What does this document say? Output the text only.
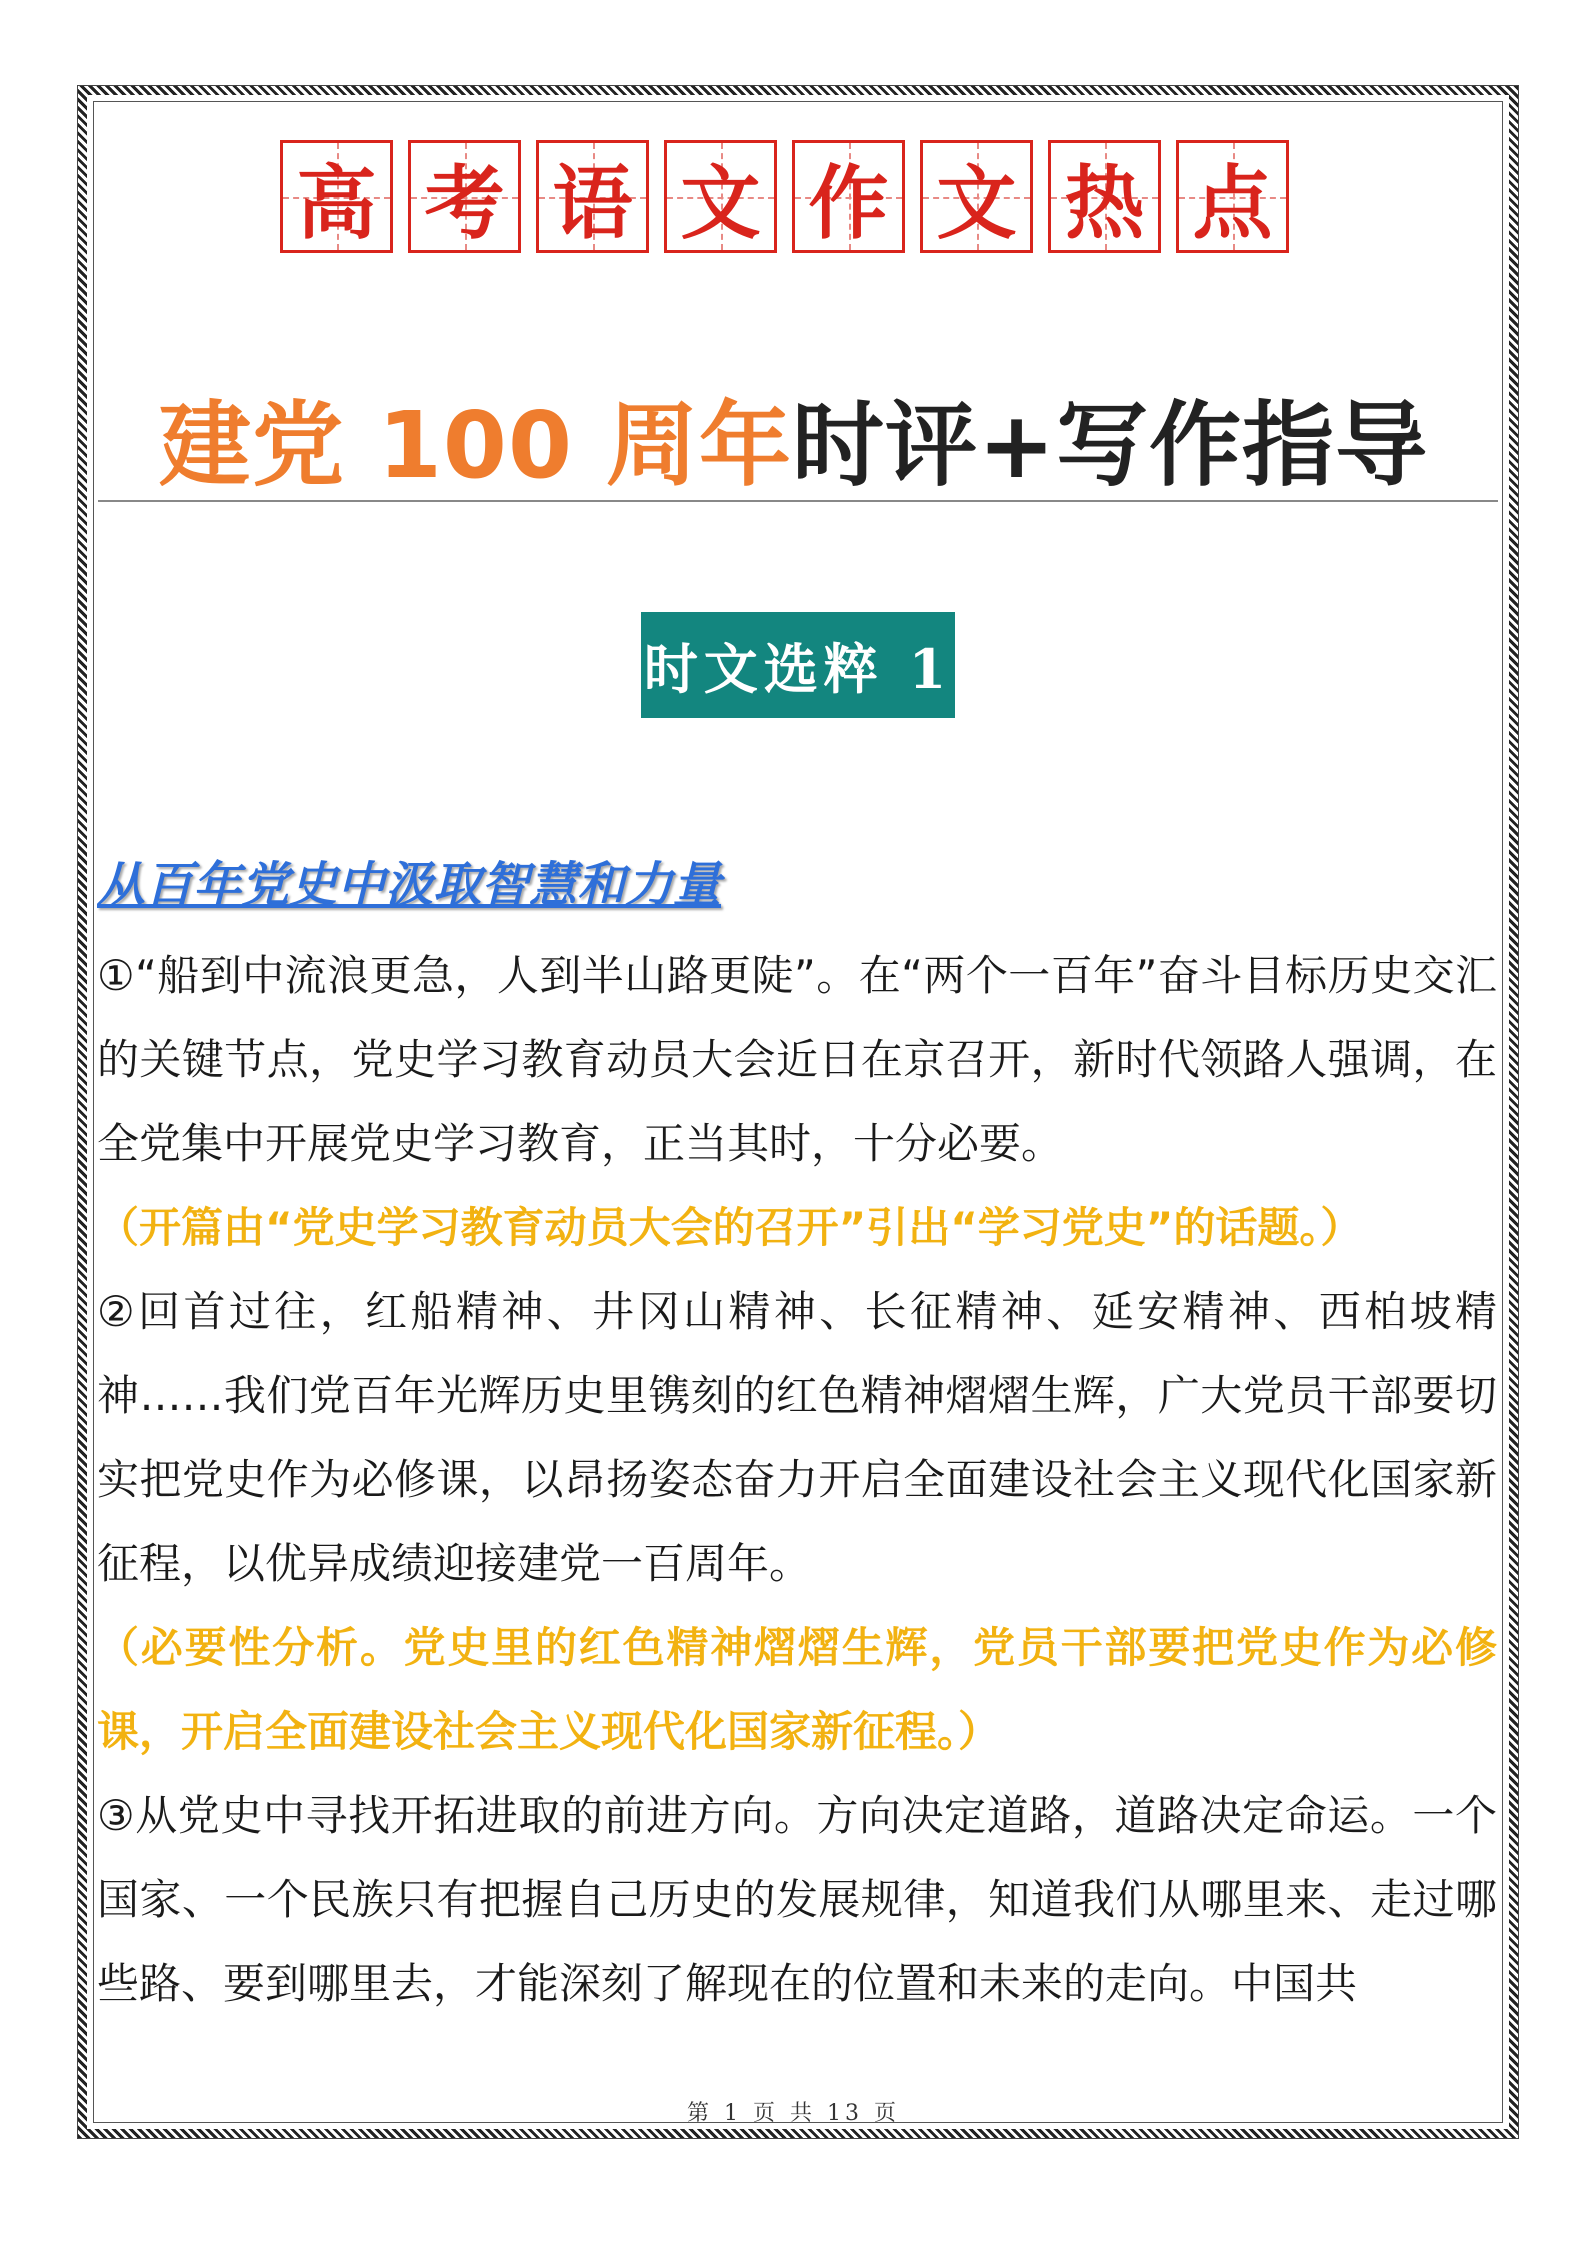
高 考 语 文 作 文 热 点
建党 100 周年时评+写作指导
时文选粹 1
从百年党史中汲取智慧和力量

①“船到中流浪更急，人到半山路更陡”。在“两个一百年”奋斗目标历史交汇的关键节点，党史学习教育动员大会近日在京召开，新时代领路人强调，在全党集中开展党史学习教育，正当其时，十分必要。

（开篇由“党史学习教育动员大会的召开”引出“学习党史”的话题。）

②回首过往，红船精神、井冈山精神、长征精神、延安精神、西柏坡精神……我们党百年光辉历史里镌刻的红色精神熠熠生辉，广大党员干部要切实把党史作为必修课，以昂扬姿态奋力开启全面建设社会主义现代化国家新征程，以优异成绩迎接建党一百周年。

（必要性分析。党史里的红色精神熠熠生辉，党员干部要把党史作为必修课，开启全面建设社会主义现代化国家新征程。）

③从党史中寻找开拓进取的前进方向。方向决定道路，道路决定命运。一个国家、一个民族只有把握自己历史的发展规律，知道我们从哪里来、走过哪些路、要到哪里去，才能深刻了解现在的位置和未来的走向。中国共

第 1 页 共 13 页
